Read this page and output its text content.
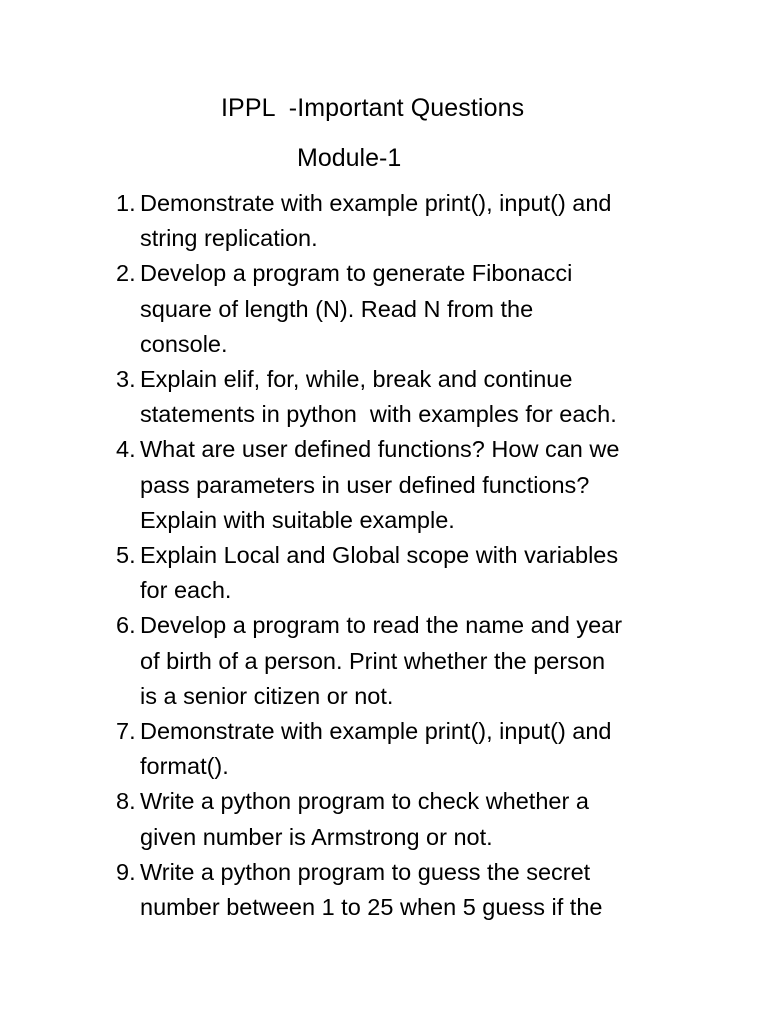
IPPL  -Important Questions
Module-1
1. Demonstrate with example print(), input() and
string replication.
2. Develop a program to generate Fibonacci
square of length (N). Read N from the
console.
3. Explain elif, for, while, break and continue
statements in python  with examples for each.
4. What are user defined functions? How can we
pass parameters in user defined functions?
Explain with suitable example.
5. Explain Local and Global scope with variables
for each.
6. Develop a program to read the name and year
of birth of a person. Print whether the person
is a senior citizen or not.
7. Demonstrate with example print(), input() and
format().
8. Write a python program to check whether a
given number is Armstrong or not.
9. Write a python program to guess the secret
number between 1 to 25 when 5 guess if the
